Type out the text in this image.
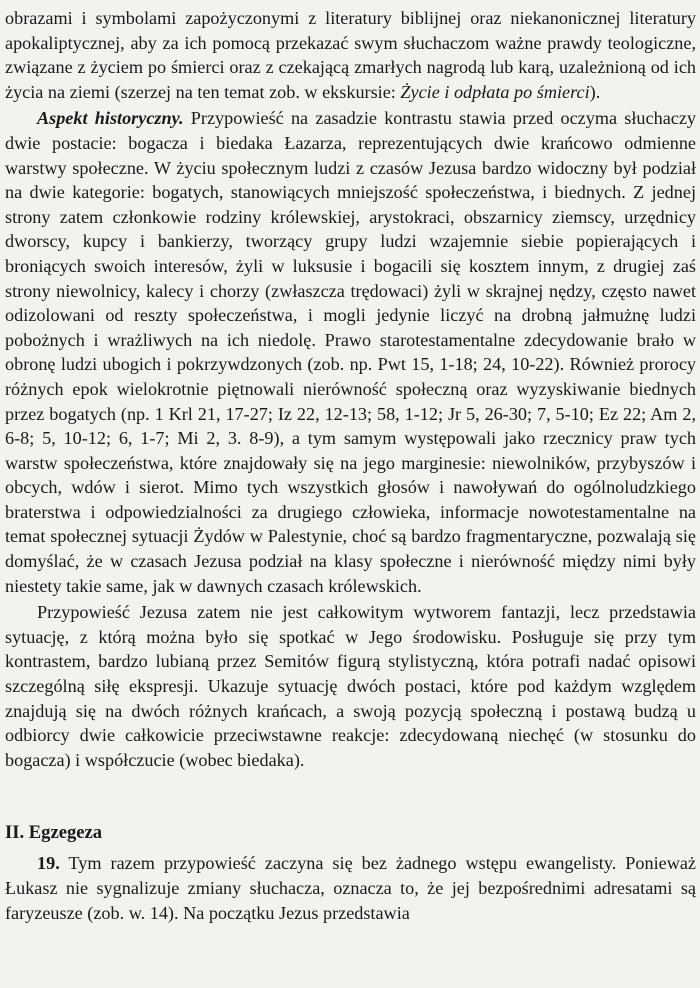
obrazami i symbolami zapożyczonymi z literatury biblijnej oraz niekanonicznej literatury apokaliptycznej, aby za ich pomocą przekazać swym słuchaczom ważne prawdy teologiczne, związane z życiem po śmierci oraz z czekającą zmarłych nagrodą lub karą, uzależnioną od ich życia na ziemi (szerzej na ten temat zob. w ekskursie: Życie i odpłata po śmierci).

Aspekt historyczny. Przypowieść na zasadzie kontrastu stawia przed oczyma słuchaczy dwie postacie: bogacza i biedaka Łazarza, reprezentujących dwie krańcowo odmienne warstwy społeczne. W życiu społecznym ludzi z czasów Jezusa bardzo widoczny był podział na dwie kategorie: bogatych, stanowiących mniejszość społeczeństwa, i biednych. Z jednej strony zatem członkowie rodziny królewskiej, arystokraci, obszarnicy ziemscy, urzędnicy dworscy, kupcy i bankierzy, tworzący grupy ludzi wzajemnie siebie popierających i broniących swoich interesów, żyli w luksusie i bogacili się kosztem innym, z drugiej zaś strony niewolnicy, kalecy i chorzy (zwłaszcza trędowaci) żyli w skrajnej nędzy, często nawet odizolowani od reszty społeczeństwa, i mogli jedynie liczyć na drobną jałmużnę ludzi pobożnych i wrażliwych na ich niedolę. Prawo starotestamentalne zdecydowanie brało w obronę ludzi ubogich i pokrzywdzonych (zob. np. Pwt 15, 1-18; 24, 10-22). Również prorocy różnych epok wielokrotnie piętnowali nierówność społeczną oraz wyzyskiwanie biednych przez bogatych (np. 1 Krl 21, 17-27; Iz 22, 12-13; 58, 1-12; Jr 5, 26-30; 7, 5-10; Ez 22; Am 2, 6-8; 5, 10-12; 6, 1-7; Mi 2, 3. 8-9), a tym samym występowali jako rzecznicy praw tych warstw społeczeństwa, które znajdowały się na jego marginesie: niewolników, przybyszów i obcych, wdów i sierot. Mimo tych wszystkich głosów i nawoływań do ogólnoludzkiego braterstwa i odpowiedzialności za drugiego człowieka, informacje nowotestamentalne na temat społecznej sytuacji Żydów w Palestynie, choć są bardzo fragmentaryczne, pozwalają się domyślać, że w czasach Jezusa podział na klasy społeczne i nierówność między nimi były niestety takie same, jak w dawnych czasach królewskich.

Przypowieść Jezusa zatem nie jest całkowitym wytworem fantazji, lecz przedstawia sytuację, z którą można było się spotkać w Jego środowisku. Posługuje się przy tym kontrastem, bardzo lubianą przez Semitów figurą stylistyczną, która potrafi nadać opisowi szczególną siłę ekspresji. Ukazuje sytuację dwóch postaci, które pod każdym względem znajdują się na dwóch różnych krańcach, a swoją pozycją społeczną i postawą budzą u odbiorcy dwie całkowicie przeciwstawne reakcje: zdecydowaną niechęć (w stosunku do bogacza) i współczucie (wobec biedaka).

II. Egzegeza

19. Tym razem przypowieść zaczyna się bez żadnego wstępu ewangelisty. Ponieważ Łukasz nie sygnalizuje zmiany słuchacza, oznacza to, że jej bezpośrednimi adresatami są faryzeusze (zob. w. 14). Na początku Jezus przedstawia
